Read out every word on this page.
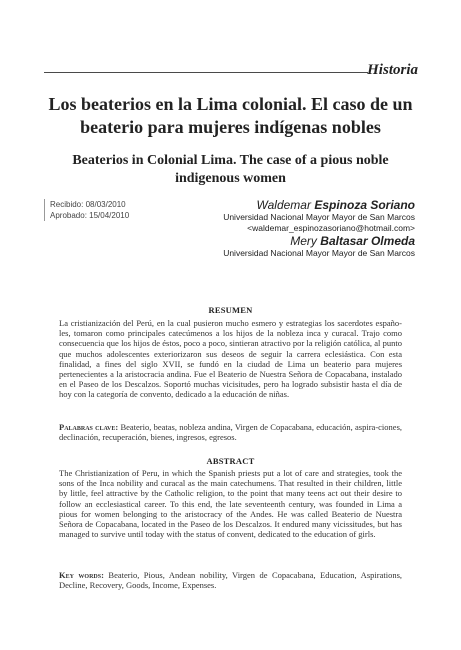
Historia
Los beaterios en la Lima colonial. El caso de un beaterio para mujeres indígenas nobles
Beaterios in Colonial Lima. The case of a pious noble indigenous women
Recibido: 08/03/2010
Aprobado: 15/04/2010
Waldemar Espinoza Soriano
Universidad Nacional Mayor Mayor de San Marcos
<waldemar_espinozasoriano@hotmail.com>
Mery Baltasar Olmeda
Universidad Nacional Mayor Mayor de San Marcos
RESUMEN
La cristianización del Perú, en la cual pusieron mucho esmero y estrategias los sacerdotes españo-les, tomaron como principales catecúmenos a los hijos de la nobleza inca y curacal. Trajo como consecuencia que los hijos de éstos, poco a poco, sintieran atractivo por la religión católica, al punto que muchos adolescentes exteriorizaron sus deseos de seguir la carrera eclesiástica. Con esta finalidad, a fines del siglo XVII, se fundó en la ciudad de Lima un beaterio para mujeres pertenecientes a la aristocracia andina. Fue el Beaterio de Nuestra Señora de Copacabana, instalado en el Paseo de los Descalzos. Soportó muchas vicisitudes, pero ha logrado subsistir hasta el día de hoy con la categoría de convento, dedicado a la educación de niñas.
Palabras clave: Beaterio, beatas, nobleza andina, Virgen de Copacabana, educación, aspira-ciones, declinación, recuperación, bienes, ingresos, egresos.
ABSTRACT
The Christianization of Peru, in which the Spanish priests put a lot of care and strategies, took the sons of the Inca nobility and curacal as the main catechumens. That resulted in their children, little by little, feel attractive by the Catholic religion, to the point that many teens act out their desire to follow an ecclesiastical career. To this end, the late seventeenth century, was founded in Lima a pious for women belonging to the aristocracy of the Andes. He was called Beaterio de Nuestra Señora de Copacabana, located in the Paseo de los Descalzos. It endured many vicissitudes, but has managed to survive until today with the status of convent, dedicated to the education of girls.
Key words: Beaterio, Pious, Andean nobility, Virgen de Copacabana, Education, Aspirations, Decline, Recovery, Goods, Income, Expenses.
